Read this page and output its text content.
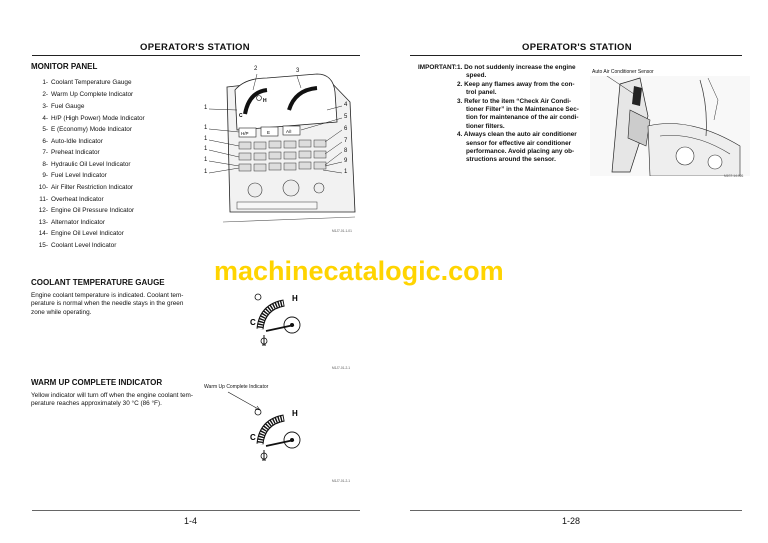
OPERATOR'S STATION
MONITOR PANEL
1- Coolant Temperature Gauge
2- Warm Up Complete Indicator
3- Fuel Gauge
4- H/P (High Power) Mode Indicator
5- E (Economy) Mode Indicator
6- Auto-Idle Indicator
7- Preheat Indicator
8- Hydraulic Oil Level Indicator
9- Fuel Level Indicator
10- Air Filter Restriction Indicator
11- Overheat Indicator
12- Engine Oil Pressure Indicator
13- Alternator Indicator
14- Engine Oil Level Indicator
15- Coolant Level Indicator
H
C
H/P	E	A/I
2	3
1
1
1
1
1
1
4
5
6
7
8
9
1
M1J7-01-1-01
COOLANT TEMPERATURE GAUGE
Engine coolant temperature is indicated. Coolant tem-
perature is normal when the needle stays in the green
zone while operating.
H
C
M1J7-01-2-1
WARM UP COMPLETE INDICATOR	Warm Up Complete Indicator
Yellow indicator will turn off when the engine coolant tem-
perature reaches approximately 30 °C (86 °F).
H
C
M1J7-01-2-1
1-4
OPERATOR'S STATION
IMPORTANT: 1. Do not suddenly increase the engine
speed.
2. Keep any flames away from the con-
trol panel.
3. Refer to the item “Check Air Condi-
tioner Filter” in the Maintenance Sec-
tion for maintenance of the air condi-
tioner filters.
4. Always clean the auto air conditioner
sensor for effective air conditioner
performance. Avoid placing any ob-
structions around the sensor.
Auto Air Conditioner Sensor
M1S7-14-026
1-28
machinecatalogic.com
